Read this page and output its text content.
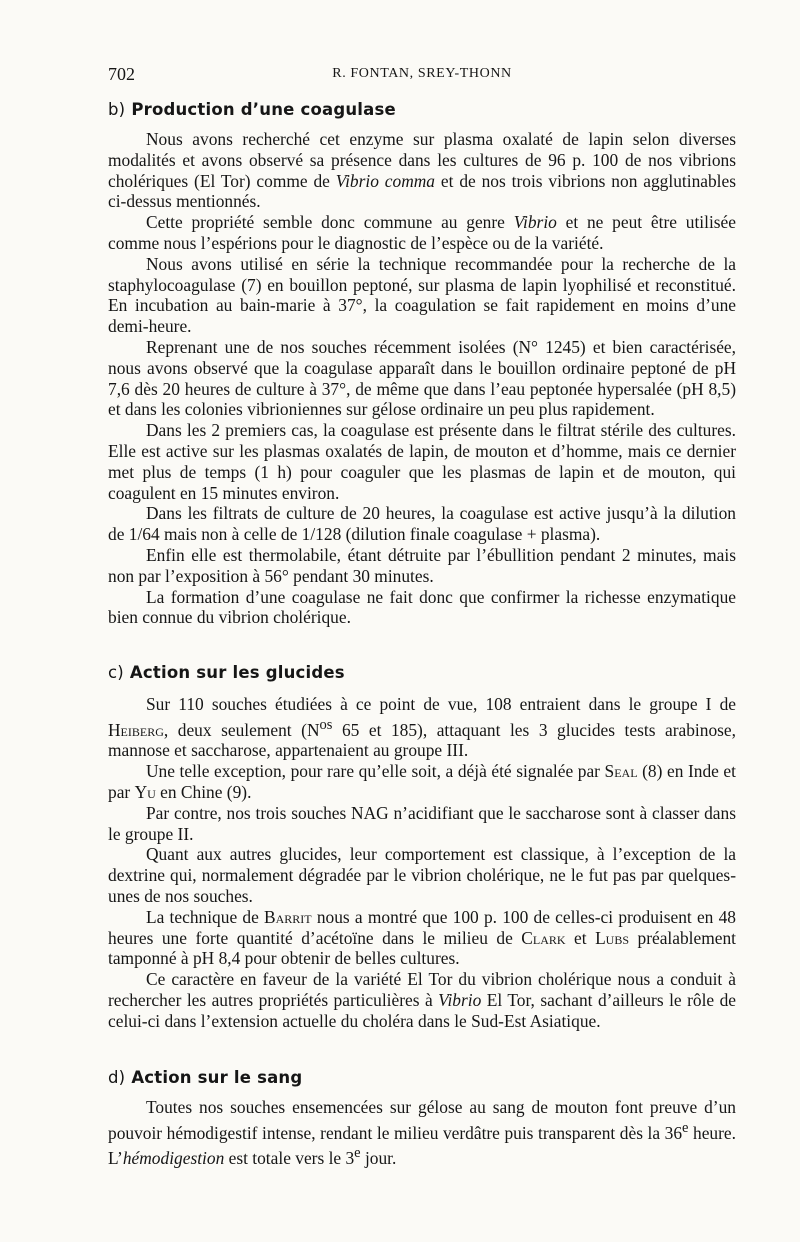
702	R. FONTAN, SREY-THONN
b) Production d’une coagulase

Nous avons recherché cet enzyme sur plasma oxalaté de lapin selon diverses modalités et avons observé sa présence dans les cultures de 96 p. 100 de nos vibrions cholériques (El Tor) comme de Vibrio comma et de nos trois vibrions non agglutinables ci-dessus mentionnés.

Cette propriété semble donc commune au genre Vibrio et ne peut être utilisée comme nous l’espérions pour le diagnostic de l’espèce ou de la variété.

Nous avons utilisé en série la technique recommandée pour la recherche de la staphylocoagulase (7) en bouillon peptoné, sur plasma de lapin lyophilisé et reconstitué. En incubation au bain-marie à 37°, la coagulation se fait rapidement en moins d’une demi-heure.

Reprenant une de nos souches récemment isolées (N° 1245) et bien caractérisée, nous avons observé que la coagulase apparaît dans le bouillon ordinaire peptoné de pH 7,6 dès 20 heures de culture à 37°, de même que dans l’eau peptonée hypersalée (pH 8,5) et dans les colonies vibrioniennes sur gélose ordinaire un peu plus rapidement.

Dans les 2 premiers cas, la coagulase est présente dans le filtrat stérile des cultures. Elle est active sur les plasmas oxalatés de lapin, de mouton et d’homme, mais ce dernier met plus de temps (1 h) pour coaguler que les plasmas de lapin et de mouton, qui coagulent en 15 minutes environ.

Dans les filtrats de culture de 20 heures, la coagulase est active jusqu’à la dilution de 1/64 mais non à celle de 1/128 (dilution finale coagulase + plasma).

Enfin elle est thermolabile, étant détruite par l’ébullition pendant 2 minutes, mais non par l’exposition à 56° pendant 30 minutes.

La formation d’une coagulase ne fait donc que confirmer la richesse enzymatique bien connue du vibrion cholérique.

c) Action sur les glucides

Sur 110 souches étudiées à ce point de vue, 108 entraient dans le groupe I de Heiberg, deux seulement ($N^{os}$ 65 et 185), attaquant les 3 glucides tests arabinose, mannose et saccharose, appartenaient au groupe III.

Une telle exception, pour rare qu’elle soit, a déjà été signalée par Seal (8) en Inde et par Yu en Chine (9).

Par contre, nos trois souches NAG n’acidifiant que le saccharose sont à classer dans le groupe II.

Quant aux autres glucides, leur comportement est classique, à l’exception de la dextrine qui, normalement dégradée par le vibrion cholérique, ne le fut pas par quelques-unes de nos souches.

La technique de Barrit nous a montré que 100 p. 100 de celles-ci produisent en 48 heures une forte quantité d’acétoïne dans le milieu de Clark et Lubs préalablement tamponné à pH 8,4 pour obtenir de belles cultures.

Ce caractère en faveur de la variété El Tor du vibrion cholérique nous a conduit à rechercher les autres propriétés particulières à Vibrio El Tor, sachant d’ailleurs le rôle de celui-ci dans l’extension actuelle du choléra dans le Sud-Est Asiatique.

d) Action sur le sang

Toutes nos souches ensemencées sur gélose au sang de mouton font preuve d’un pouvoir hémodigestif intense, rendant le milieu verdâtre puis transparent dès la 36e heure. L’hémodigestion est totale vers le 3e jour.
